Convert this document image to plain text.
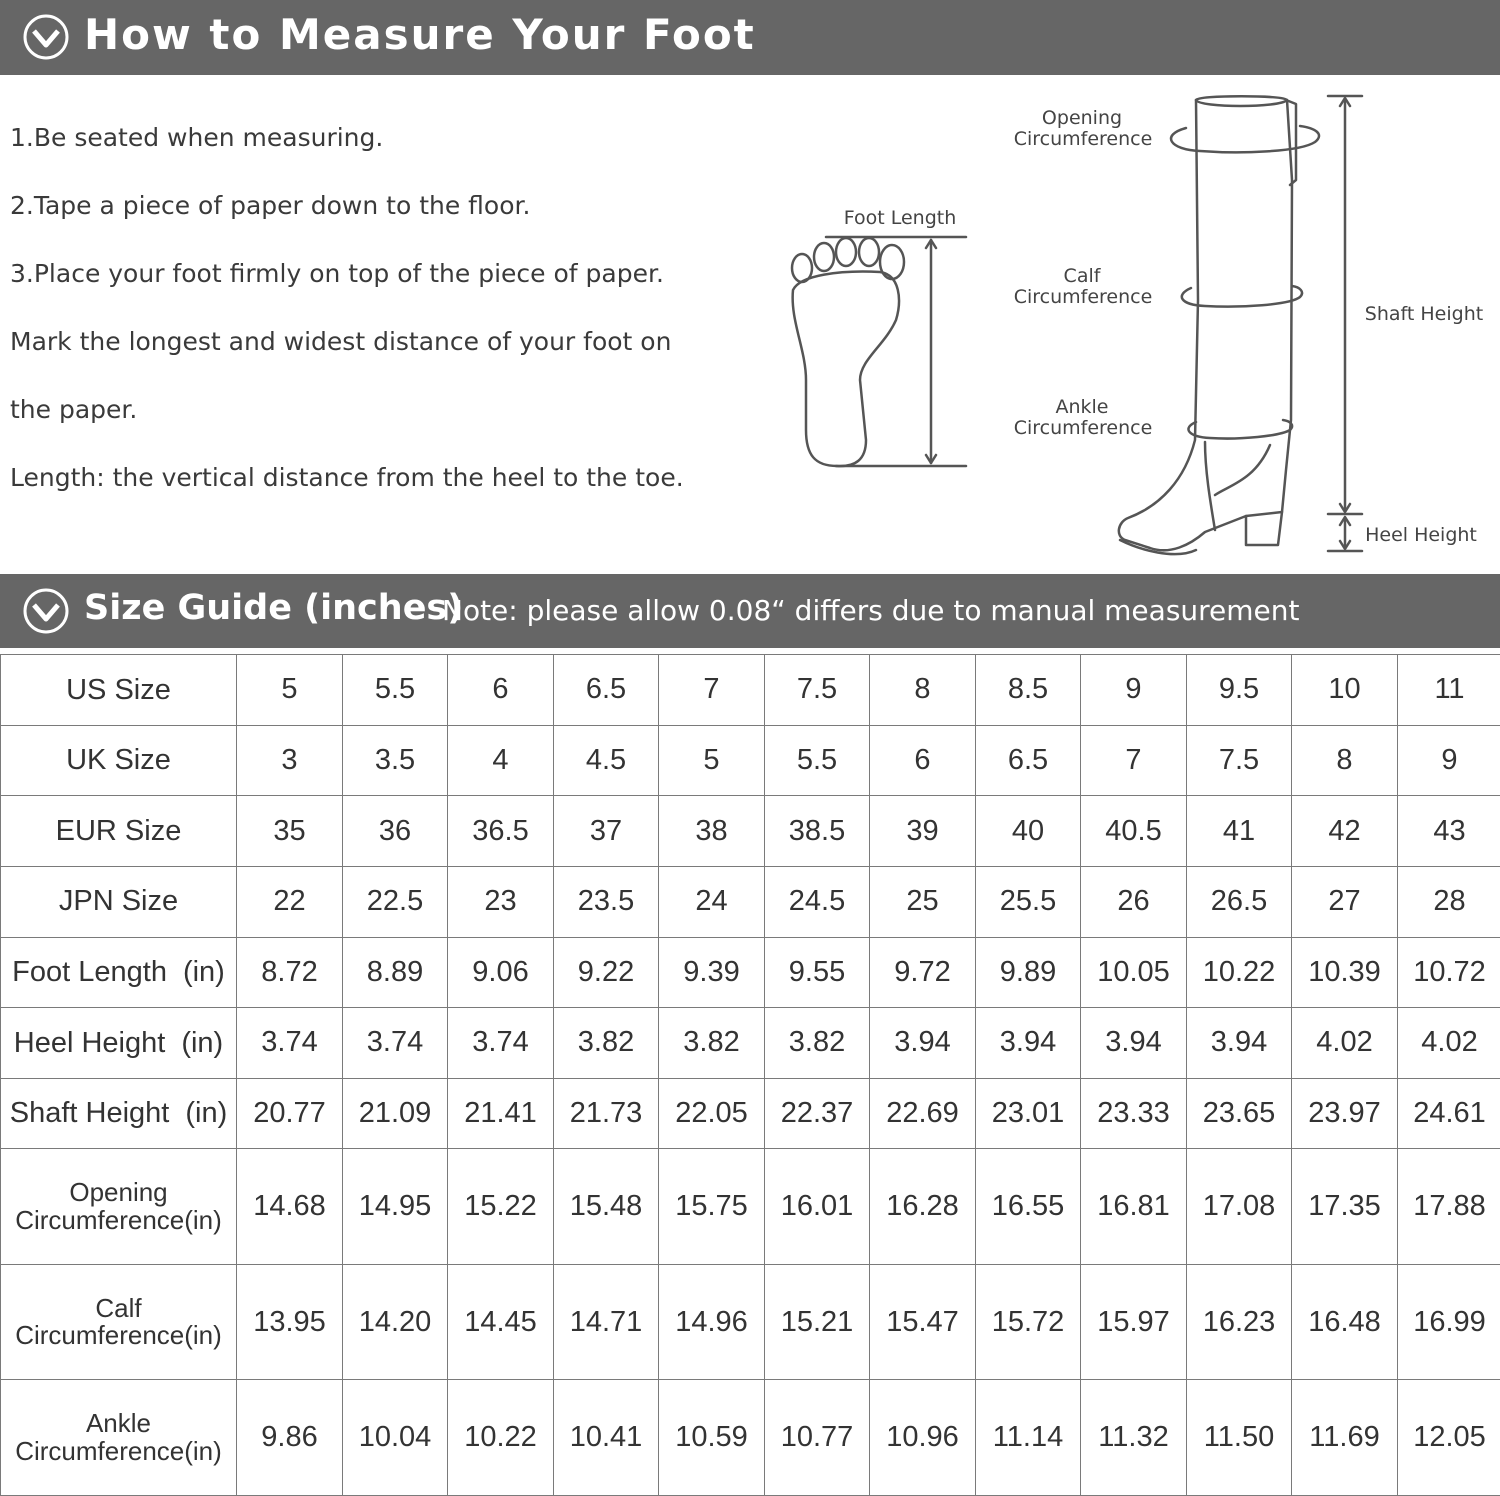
How to Measure Your Foot
1.Be seated when measuring.
2.Tape a piece of paper down to the floor.
3.Place your foot firmly on top of the piece of paper.
Mark the longest and widest distance of your foot on
the paper.
Length: the vertical distance from the heel to the toe.
Foot Length
Opening
Circumference
Calf
Circumference
Ankle
Circumference
Shaft Height
Heel Height
Size Guide (inches)
Note: please allow 0.08“ differs due to manual measurement
US Size	5	5.5	6	6.5	7	7.5	8	8.5	9	9.5	10	11
UK Size	3	3.5	4	4.5	5	5.5	6	6.5	7	7.5	8	9
EUR Size	35	36	36.5	37	38	38.5	39	40	40.5	41	42	43
JPN Size	22	22.5	23	23.5	24	24.5	25	25.5	26	26.5	27	28
Foot Length (in)	8.72	8.89	9.06	9.22	9.39	9.55	9.72	9.89	10.05	10.22	10.39	10.72
Heel Height (in)	3.74	3.74	3.74	3.82	3.82	3.82	3.94	3.94	3.94	3.94	4.02	4.02
Shaft Height (in)	20.77	21.09	21.41	21.73	22.05	22.37	22.69	23.01	23.33	23.65	23.97	24.61
Opening
Circumference(in)	14.68	14.95	15.22	15.48	15.75	16.01	16.28	16.55	16.81	17.08	17.35	17.88
Calf
Circumference(in)	13.95	14.20	14.45	14.71	14.96	15.21	15.47	15.72	15.97	16.23	16.48	16.99
Ankle
Circumference(in)	9.86	10.04	10.22	10.41	10.59	10.77	10.96	11.14	11.32	11.50	11.69	12.05
